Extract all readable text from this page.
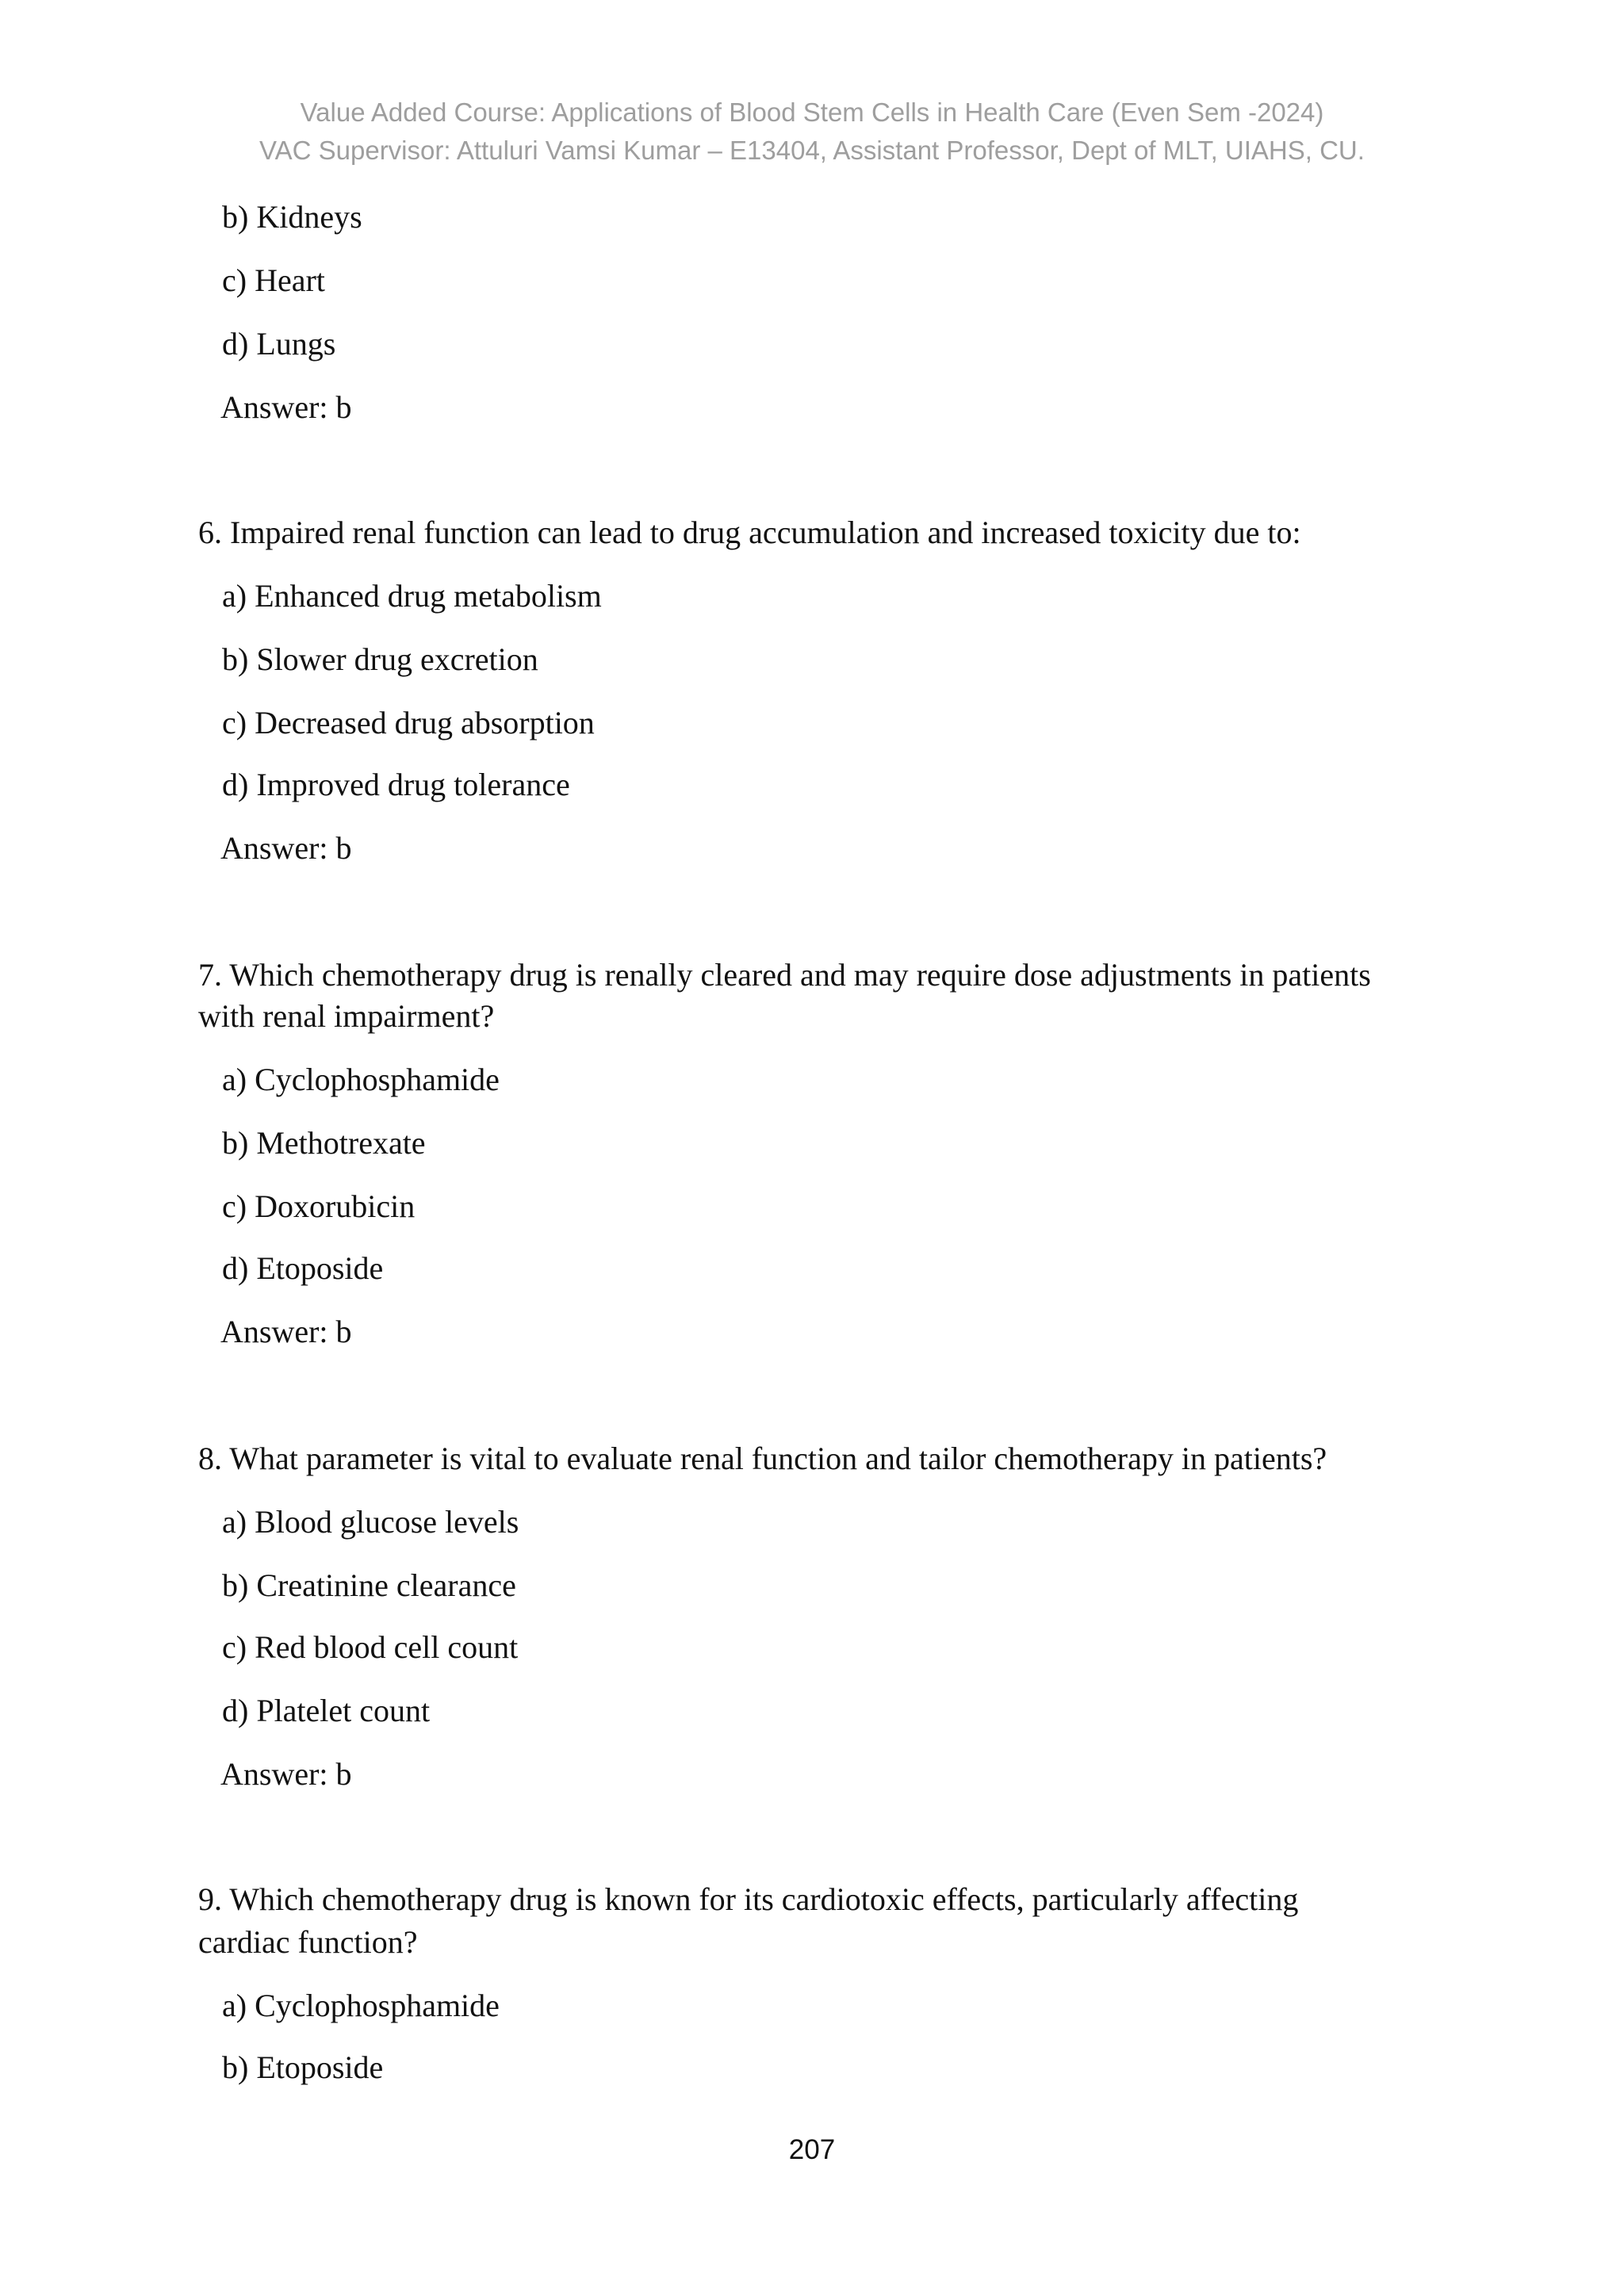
Value Added Course: Applications of Blood Stem Cells in Health Care (Even Sem -2024)
VAC Supervisor: Attuluri Vamsi Kumar – E13404, Assistant Professor, Dept of MLT, UIAHS, CU.
b) Kidneys
c) Heart
d) Lungs
Answer: b
6. Impaired renal function can lead to drug accumulation and increased toxicity due to:
a) Enhanced drug metabolism
b) Slower drug excretion
c) Decreased drug absorption
d) Improved drug tolerance
Answer: b
7. Which chemotherapy drug is renally cleared and may require dose adjustments in patients
with renal impairment?
a) Cyclophosphamide
b) Methotrexate
c) Doxorubicin
d) Etoposide
Answer: b
8. What parameter is vital to evaluate renal function and tailor chemotherapy in patients?
a) Blood glucose levels
b) Creatinine clearance
c) Red blood cell count
d) Platelet count
Answer: b
9. Which chemotherapy drug is known for its cardiotoxic effects, particularly affecting
cardiac function?
a) Cyclophosphamide
b) Etoposide
207
